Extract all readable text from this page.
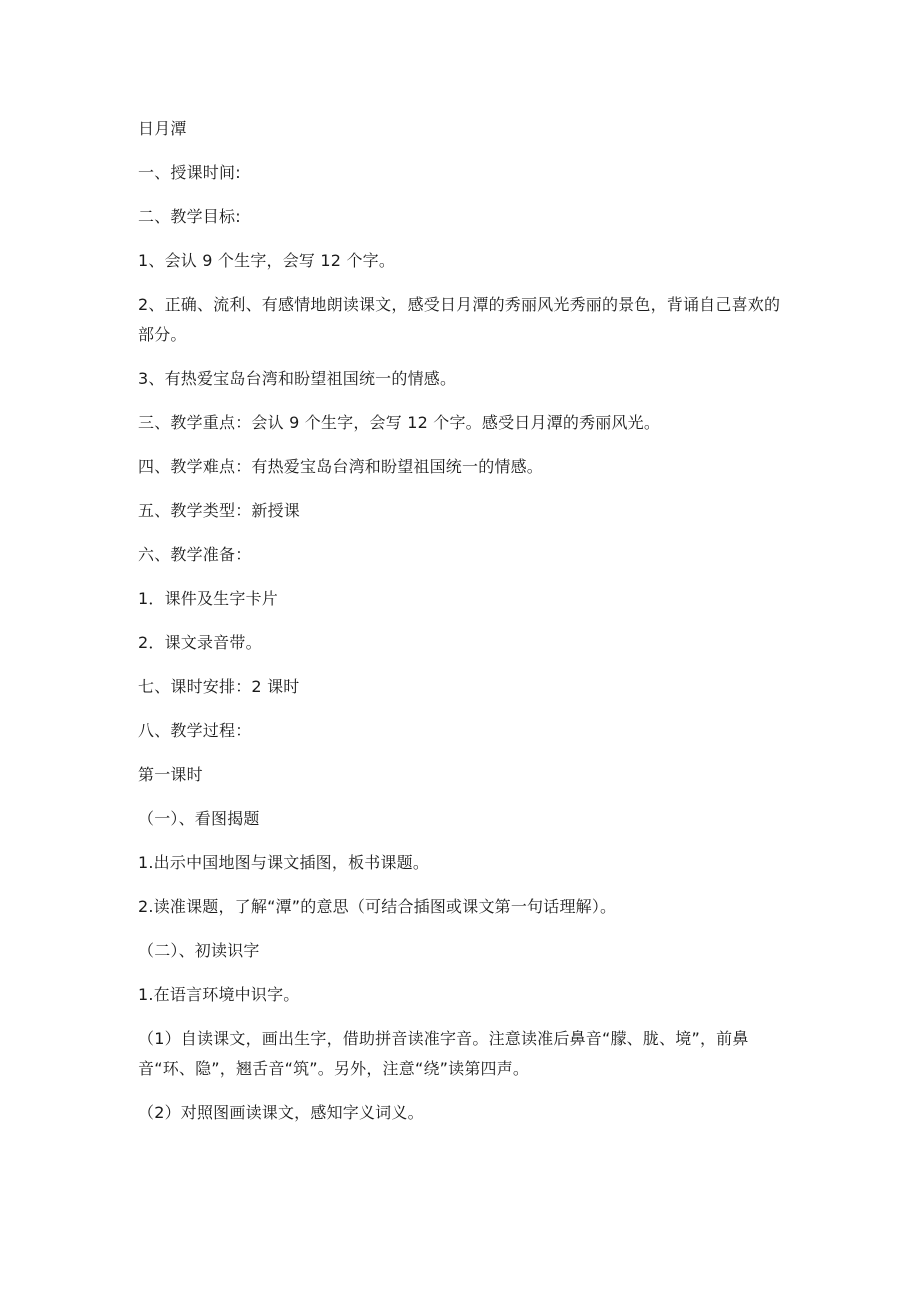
日月潭

一、授课时间:

二、教学目标:

1、会认 9 个生字，会写 12 个字。

2、正确、流利、有感情地朗读课文，感受日月潭的秀丽风光秀丽的景色，背诵自己喜欢的部分。

3、有热爱宝岛台湾和盼望祖国统一的情感。

三、教学重点：会认 9 个生字，会写 12 个字。感受日月潭的秀丽风光。

四、教学难点：有热爱宝岛台湾和盼望祖国统一的情感。

五、教学类型：新授课

六、教学准备：

1．课件及生字卡片

2．课文录音带。

七、课时安排：2 课时

八、教学过程：

第一课时

（一）、看图揭题

1.出示中国地图与课文插图，板书课题。

2.读准课题，了解“潭”的意思（可结合插图或课文第一句话理解）。

（二）、初读识字

1.在语言环境中识字。

（1）自读课文，画出生字，借助拼音读准字音。注意读准后鼻音“朦、胧、境”，前鼻音“环、隐”，翘舌音“筑”。另外，注意“绕”读第四声。

（2）对照图画读课文，感知字义词义。
